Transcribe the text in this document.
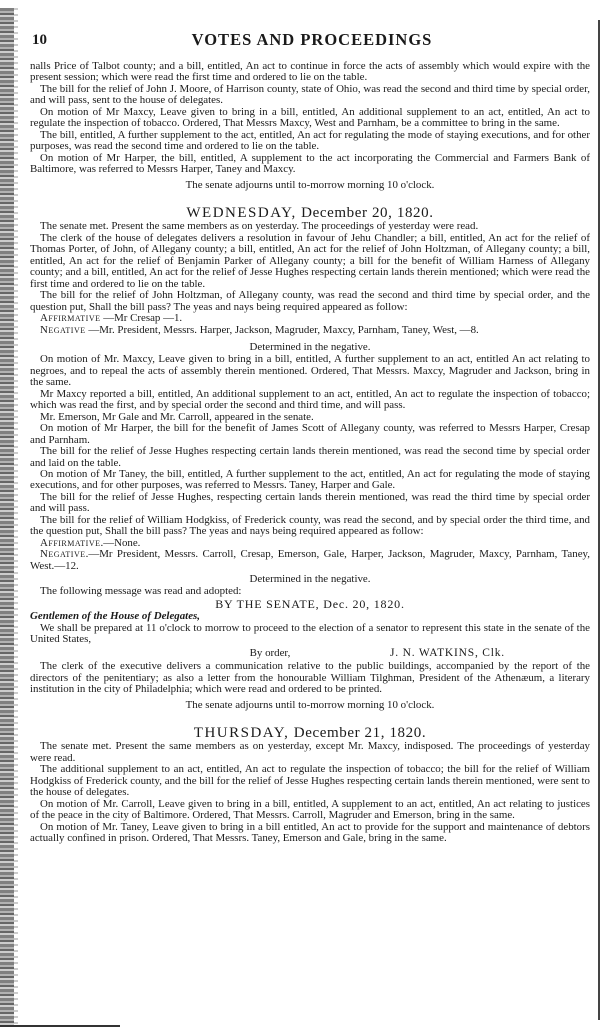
10	VOTES AND PROCEEDINGS

nalls Price of Talbot county; and a bill, entitled, An act to continue in force the acts of assembly which would expire with the present session; which were read the first time and ordered to lie on the table.

The bill for the relief of John J. Moore, of Harrison county, state of Ohio, was read the second and third time by special order, and will pass, sent to the house of delegates.

On motion of Mr Maxcy, Leave given to bring in a bill, entitled, An additional supplement to an act, entitled, An act to regulate the inspection of tobacco. Ordered, That Messrs Maxcy, West and Parnham, be a committee to bring in the same.

The bill, entitled, A further supplement to the act, entitled, An act for regulating the mode of staying executions, and for other purposes, was read the second time and ordered to lie on the table.

On motion of Mr Harper, the bill, entitled, A supplement to the act incorporating the Commercial and Farmers Bank of Baltimore, was referred to Messrs Harper, Taney and Maxcy.

The senate adjourns until to-morrow morning 10 o'clock.

WEDNESDAY, December 20, 1820.

The senate met. Present the same members as on yesterday. The proceedings of yesterday were read.

The clerk of the house of delegates delivers a resolution in favour of Jehu Chandler; a bill, entitled, An act for the relief of Thomas Porter, of John, of Allegany county; a bill, entitled, An act for the relief of John Holtzman, of Allegany county; a bill, entitled, An act for the relief of Benjamin Parker of Allegany county; a bill for the benefit of William Harness of Allegany county; and a bill, entitled, An act for the relief of Jesse Hughes respecting certain lands therein mentioned; which were read the first time and ordered to lie on the table.

The bill for the relief of John Holtzman, of Allegany county, was read the second and third time by special order, and the question put, Shall the bill pass? The yeas and nays being required appeared as follow:

Affirmative —Mr Cresap —1.

Negative —Mr. President, Messrs. Harper, Jackson, Magruder, Maxcy, Parnham, Taney, West, —8.

Determined in the negative.

On motion of Mr. Maxcy, Leave given to bring in a bill, entitled, A further supplement to an act, entitled An act relating to negroes, and to repeal the acts of assembly therein mentioned. Ordered, That Messrs. Maxcy, Magruder and Jackson, bring in the same.

Mr Maxcy reported a bill, entitled, An additional supplement to an act, entitled, An act to regulate the inspection of tobacco; which was read the first, and by special order the second and third time, and will pass.

Mr. Emerson, Mr Gale and Mr. Carroll, appeared in the senate.

On motion of Mr Harper, the bill for the benefit of James Scott of Allegany county, was referred to Messrs Harper, Cresap and Parnham.

The bill for the relief of Jesse Hughes respecting certain lands therein mentioned, was read the second time by special order and laid on the table.

On motion of Mr Taney, the bill, entitled, A further supplement to the act, entitled, An act for regulating the mode of staying executions, and for other purposes, was referred to Messrs. Taney, Harper and Gale.

The bill for the relief of Jesse Hughes, respecting certain lands therein mentioned, was read the third time by special order and will pass.

The bill for the relief of William Hodgkiss, of Frederick county, was read the second, and by special order the third time, and the question put, Shall the bill pass? The yeas and nays being required appeared as follow:

Affirmative.—None.

Negative.—Mr President, Messrs. Carroll, Cresap, Emerson, Gale, Harper, Jackson, Magruder, Maxcy, Parnham, Taney, West.—12.

Determined in the negative.

The following message was read and adopted:

BY THE SENATE, Dec. 20, 1820.

Gentlemen of the House of Delegates,

We shall be prepared at 11 o'clock to morrow to proceed to the election of a senator to represent this state in the senate of the United States,

By order,	J. N. WATKINS, Clk.

The clerk of the executive delivers a communication relative to the public buildings, accompanied by the report of the directors of the penitentiary; as also a letter from the honourable William Tilghman, President of the Athenæum, a literary institution in the city of Philadelphia; which were read and ordered to be printed.

The senate adjourns until to-morrow morning 10 o'clock.

THURSDAY, December 21, 1820.

The senate met. Present the same members as on yesterday, except Mr. Maxcy, indisposed. The proceedings of yesterday were read.

The additional supplement to an act, entitled, An act to regulate the inspection of tobacco; the bill for the relief of William Hodgkiss of Frederick county, and the bill for the relief of Jesse Hughes respecting certain lands therein mentioned, were sent to the house of delegates.

On motion of Mr. Carroll, Leave given to bring in a bill, entitled, A supplement to an act, entitled, An act relating to justices of the peace in the city of Baltimore. Ordered, That Messrs. Carroll, Magruder and Emerson, bring in the same.

On motion of Mr. Taney, Leave given to bring in a bill entitled, An act to provide for the support and maintenance of debtors actually confined in prison. Ordered, That Messrs. Taney, Emerson and Gale, bring in the same.
